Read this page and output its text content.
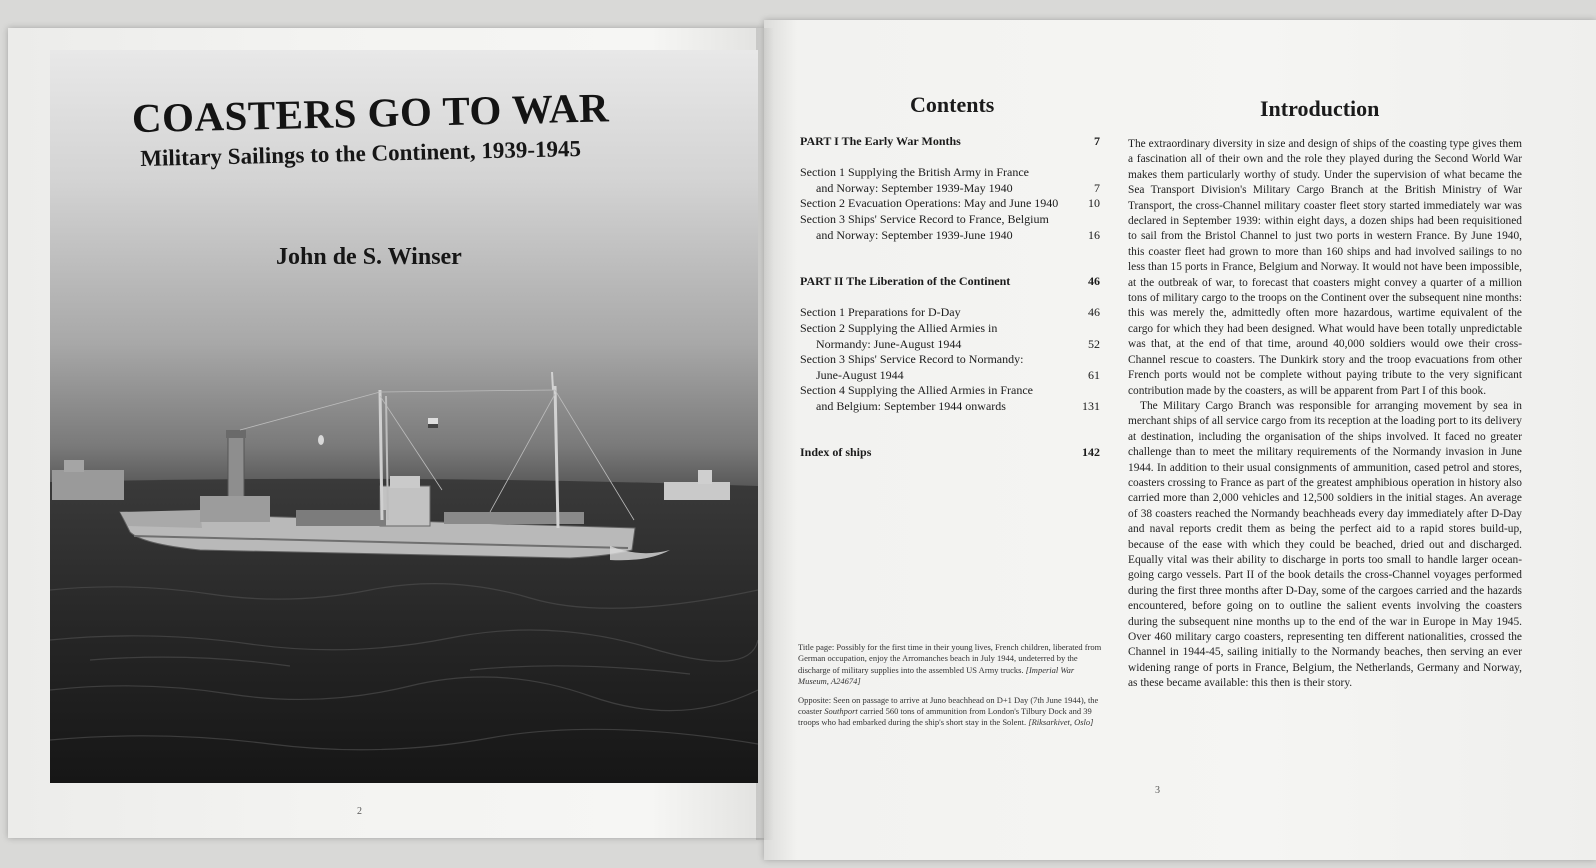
COASTERS GO TO WAR
Military Sailings to the Continent, 1939-1945
John de S. Winser
2
Contents
PART I The Early War Months	7
Section 1 Supplying the British Army in France
and Norway: September 1939-May 1940	7
Section 2 Evacuation Operations: May and June 1940 10
Section 3 Ships' Service Record to France, Belgium
and Norway: September 1939-June 1940	16
PART II The Liberation of the Continent	46
Section 1 Preparations for D-Day	46
Section 2 Supplying the Allied Armies in
Normandy: June-August 1944	52
Section 3 Ships' Service Record to Normandy:
June-August 1944	61
Section 4 Supplying the Allied Armies in France
and Belgium: September 1944 onwards	131
Index of ships	142

Title page: Possibly for the first time in their young lives, French children, liberated from German occupation, enjoy the Arromanches beach in July 1944, undeterred by the discharge of military supplies into the assembled US Army trucks. [Imperial War Museum, A24674]

Opposite: Seen on passage to arrive at Juno beachhead on D+1 Day (7th June 1944), the coaster Southport carried 560 tons of ammunition from London's Tilbury Dock and 39 troops who had embarked during the ship's short stay in the Solent. [Riksarkivet, Oslo]

Introduction

The extraordinary diversity in size and design of ships of the coasting type gives them a fascination all of their own and the role they played during the Second World War makes them particularly worthy of study. Under the supervision of what became the Sea Transport Division's Military Cargo Branch at the British Ministry of War Transport, the cross-Channel military coaster fleet story started immediately war was declared in September 1939: within eight days, a dozen ships had been requisitioned to sail from the Bristol Channel to just two ports in western France. By June 1940, this coaster fleet had grown to more than 160 ships and had involved sailings to no less than 15 ports in France, Belgium and Norway. It would not have been impossible, at the outbreak of war, to forecast that coasters might convey a quarter of a million tons of military cargo to the troops on the Continent over the subsequent nine months: this was merely the, admittedly often more hazardous, wartime equivalent of the cargo for which they had been designed. What would have been totally unpredictable was that, at the end of that time, around 40,000 soldiers would owe their cross-Channel rescue to coasters. The Dunkirk story and the troop evacuations from other French ports would not be complete without paying tribute to the very significant contribution made by the coasters, as will be apparent from Part I of this book.

The Military Cargo Branch was responsible for arranging movement by sea in merchant ships of all service cargo from its reception at the loading port to its delivery at destination, including the organisation of the ships involved. It faced no greater challenge than to meet the military requirements of the Normandy invasion in June 1944. In addition to their usual consignments of ammunition, cased petrol and stores, coasters crossing to France as part of the greatest amphibious operation in history also carried more than 2,000 vehicles and 12,500 soldiers in the initial stages. An average of 38 coasters reached the Normandy beachheads every day immediately after D-Day and naval reports credit them as being the perfect aid to a rapid stores build-up, because of the ease with which they could be beached, dried out and discharged. Equally vital was their ability to discharge in ports too small to handle larger ocean-going cargo vessels. Part II of the book details the cross-Channel voyages performed during the first three months after D-Day, some of the cargoes carried and the hazards encountered, before going on to outline the salient events involving the coasters during the subsequent nine months up to the end of the war in Europe in May 1945. Over 460 military cargo coasters, representing ten different nationalities, crossed the Channel in 1944-45, sailing initially to the Normandy beaches, then serving an ever widening range of ports in France, Belgium, the Netherlands, Germany and Norway, as these became available: this then is their story.

3
